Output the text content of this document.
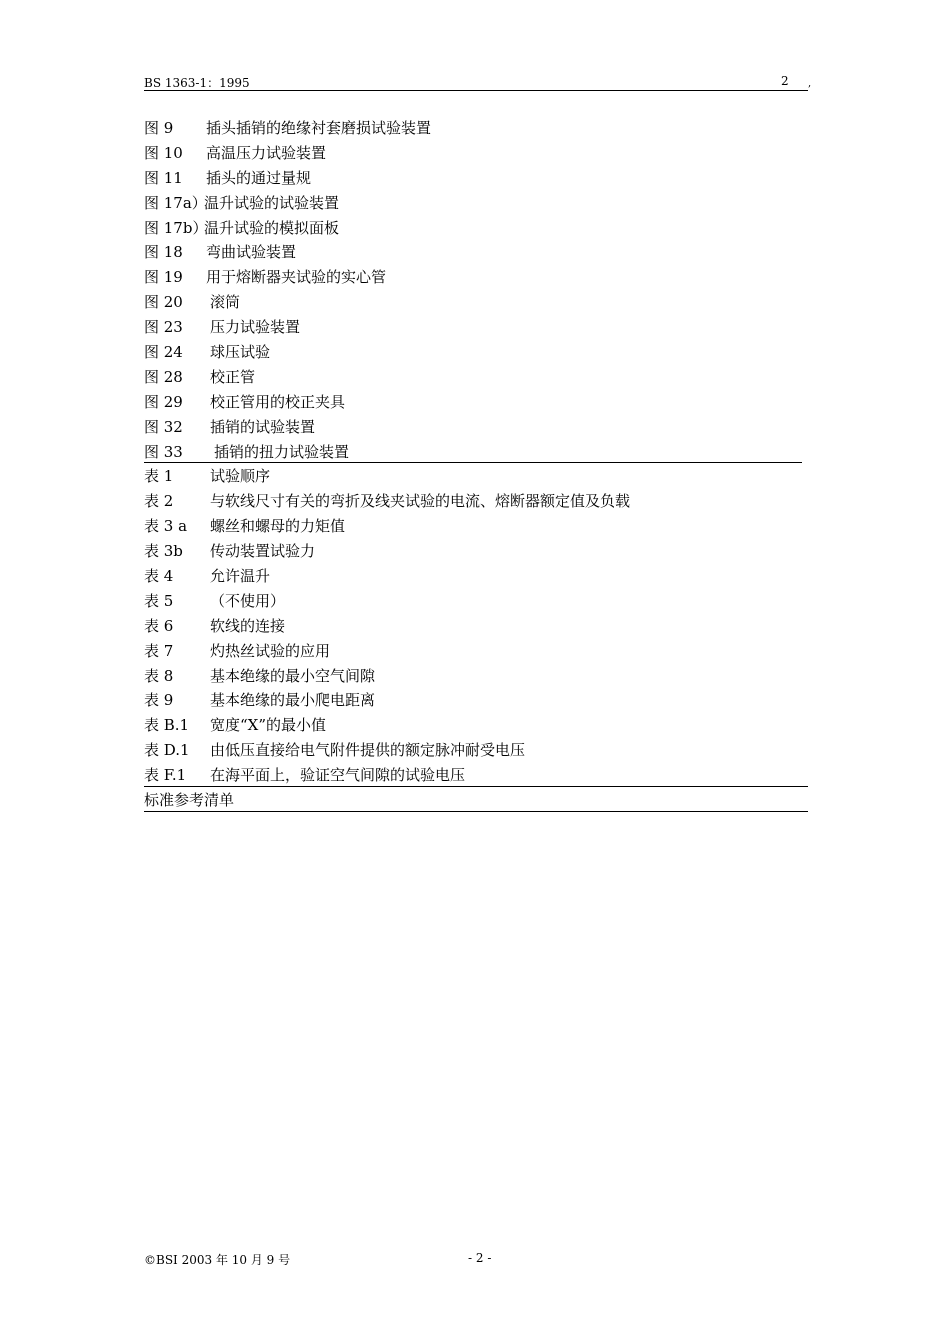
BS 1363-1：1995	2 ,
图 9 插头插销的绝缘衬套磨损试验装置
图 10 高温压力试验装置
图 11 插头的通过量规
图 17a）
温升试验的试验装置
图 17b）
温升试验的模拟面板
图 18 弯曲试验装置
图 19 用于熔断器夹试验的实心管
图 20 滚筒
图 23 压力试验装置
图 24 球压试验
图 28 校正管
图 29 校正管用的校正夹具
图 32 插销的试验装置
图 33 插销的扭力试验装置
表 1 试验顺序
表 2 与软线尺寸有关的弯折及线夹试验的电流、熔断器额定值及负载
表 3 a 螺丝和螺母的力矩值
表 3b 传动装置试验力
表 4 允许温升
表 5 （不使用）
表 6 软线的连接
表 7 灼热丝试验的应用
表 8 基本绝缘的最小空气间隙
表 9 基本绝缘的最小爬电距离
表 B.1 宽度“X”的最小值
表 D.1 由低压直接给电气附件提供的额定脉冲耐受电压
表 F.1 在海平面上，验证空气间隙的试验电压
标准参考清单
©BSI 2003 年 10 月 9 号	- 2 -
